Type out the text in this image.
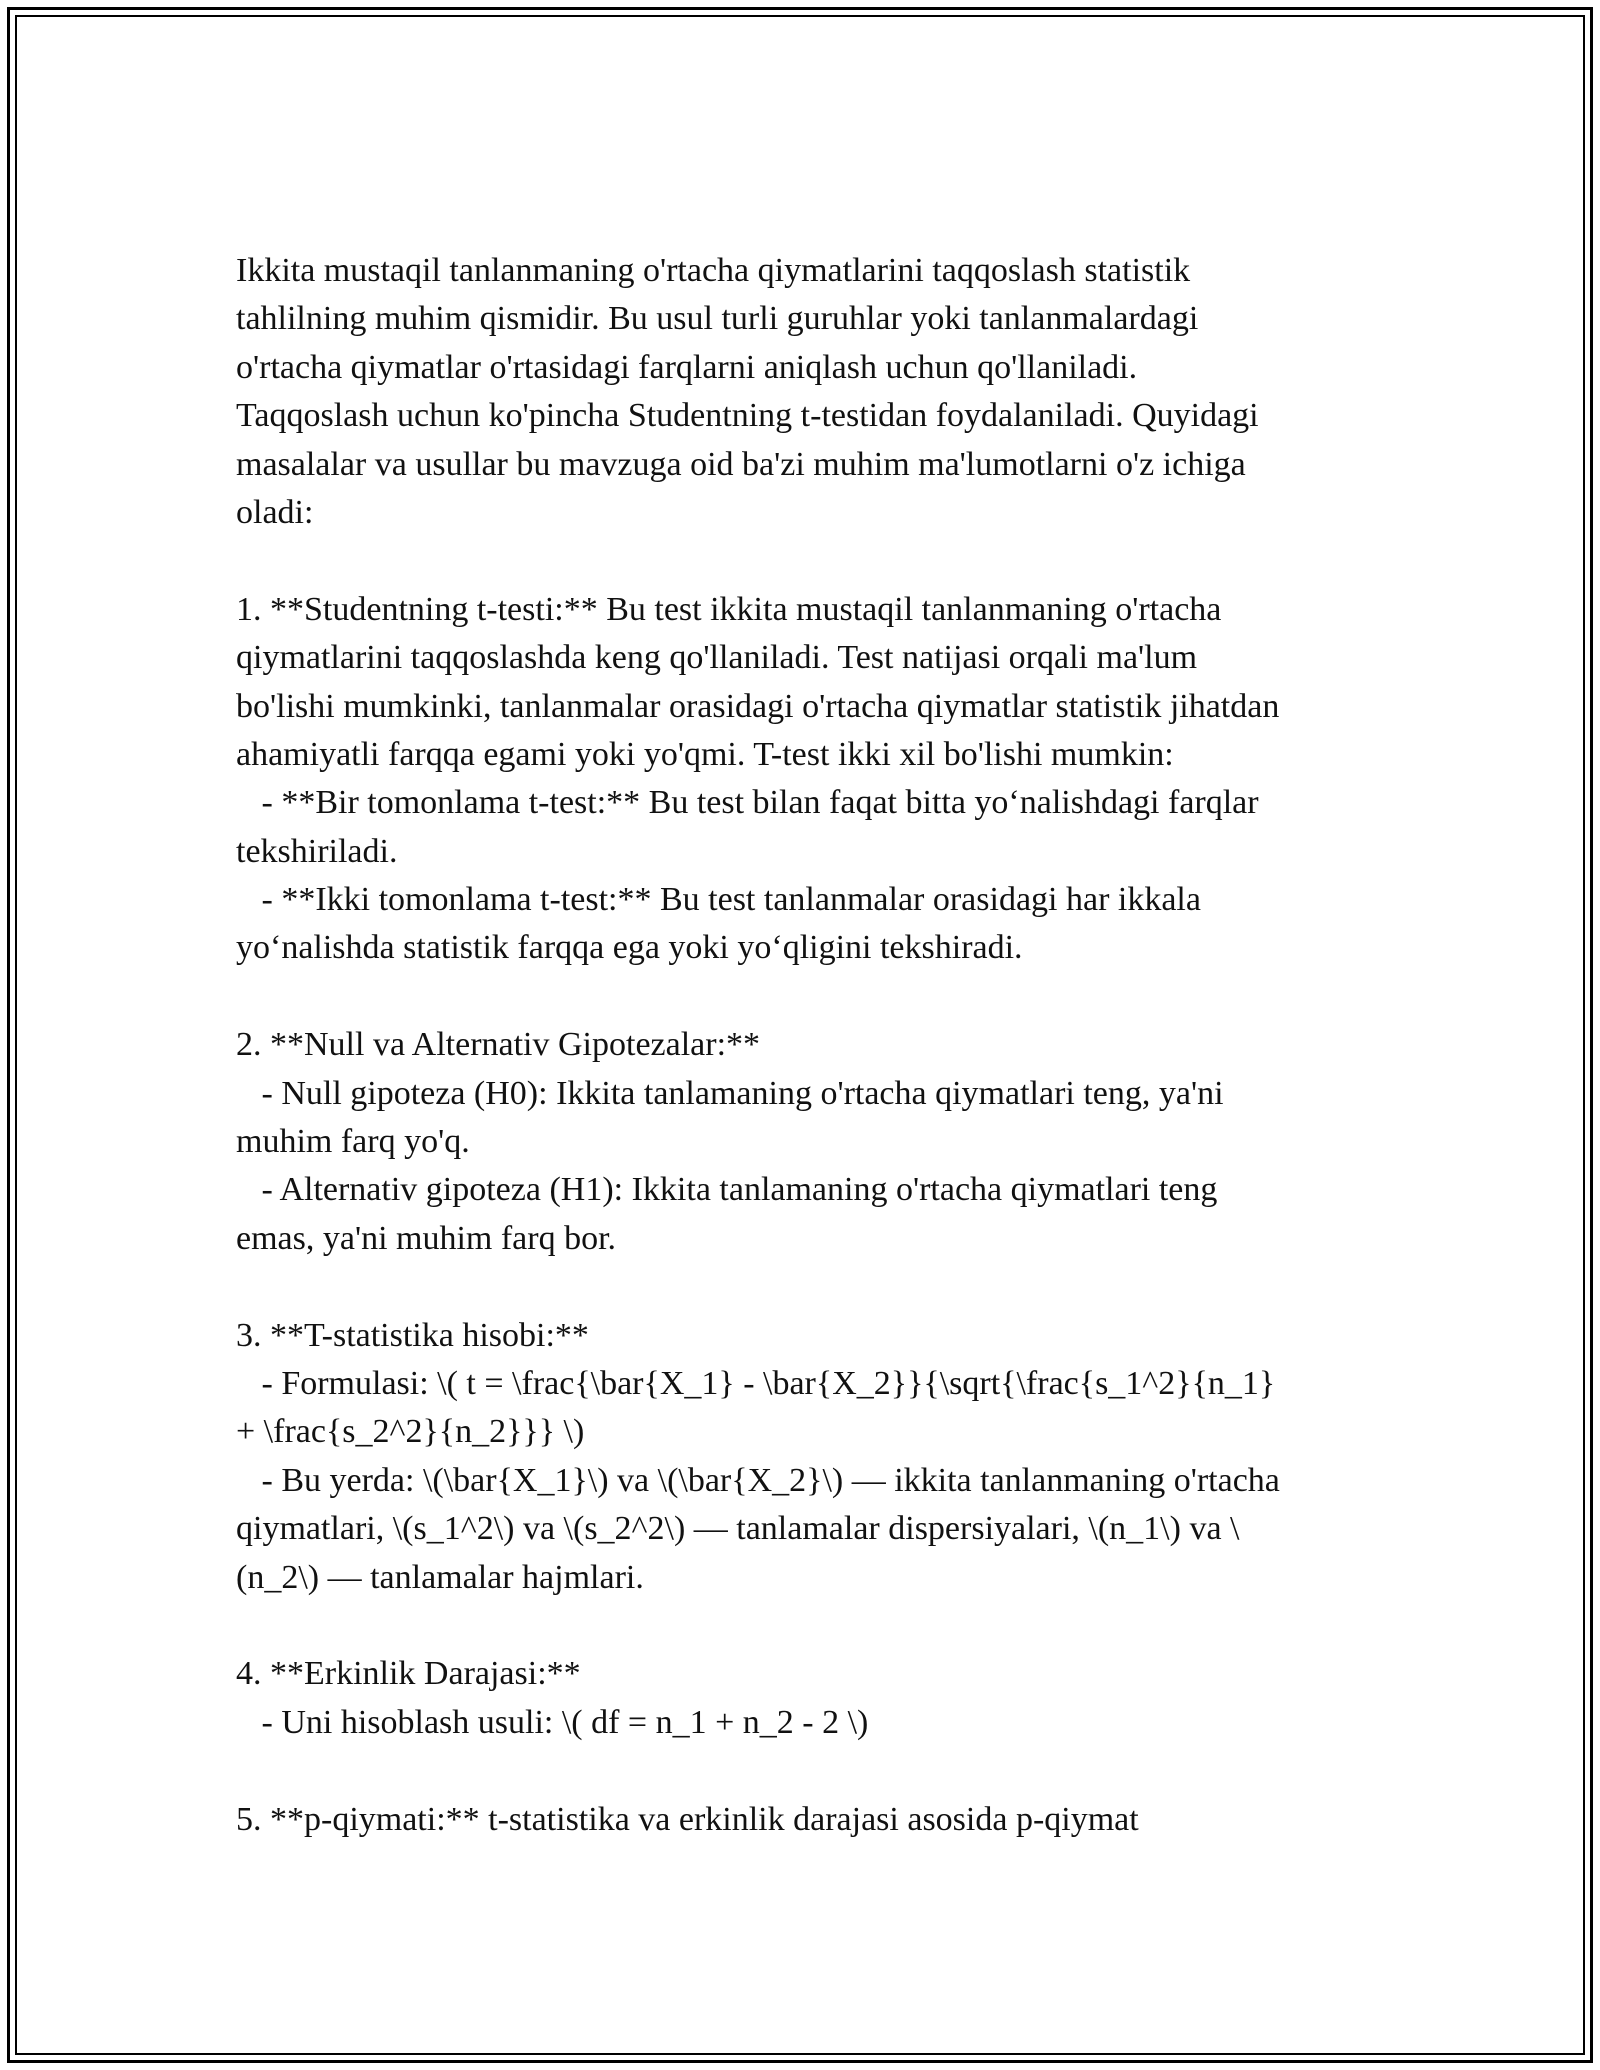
Ikkita mustaqil tanlanmaning o'rtacha qiymatlarini taqqoslash statistik
tahlilning muhim qismidir. Bu usul turli guruhlar yoki tanlanmalardagi
o'rtacha qiymatlar o'rtasidagi farqlarni aniqlash uchun qo'llaniladi.
Taqqoslash uchun ko'pincha Studentning t-testidan foydalaniladi. Quyidagi
masalalar va usullar bu mavzuga oid ba'zi muhim ma'lumotlarni o'z ichiga
oladi:
1. **Studentning t-testi:** Bu test ikkita mustaqil tanlanmaning o'rtacha
qiymatlarini taqqoslashda keng qo'llaniladi. Test natijasi orqali ma'lum
bo'lishi mumkinki, tanlanmalar orasidagi o'rtacha qiymatlar statistik jihatdan
ahamiyatli farqqa egami yoki yo'qmi. T-test ikki xil bo'lishi mumkin:
- **Bir tomonlama t-test:** Bu test bilan faqat bitta yo‘nalishdagi farqlar
tekshiriladi.
- **Ikki tomonlama t-test:** Bu test tanlanmalar orasidagi har ikkala
yo‘nalishda statistik farqqa ega yoki yo‘qligini tekshiradi.
2. **Null va Alternativ Gipotezalar:**
- Null gipoteza (H0): Ikkita tanlamaning o'rtacha qiymatlari teng, ya'ni
muhim farq yo'q.
- Alternativ gipoteza (H1): Ikkita tanlamaning o'rtacha qiymatlari teng
emas, ya'ni muhim farq bor.
3. **T-statistika hisobi:**
- Formulasi: \( t = \frac{\bar{X_1} - \bar{X_2}}{\sqrt{\frac{s_1^2}{n_1}
+ \frac{s_2^2}{n_2}}} \)
- Bu yerda: \(\bar{X_1}\) va \(\bar{X_2}\) — ikkita tanlanmaning o'rtacha
qiymatlari, \(s_1^2\) va \(s_2^2\) — tanlamalar dispersiyalari, \(n_1\) va \
(n_2\) — tanlamalar hajmlari.
4. **Erkinlik Darajasi:**
- Uni hisoblash usuli: \( df = n_1 + n_2 - 2 \)
5. **p-qiymati:** t-statistika va erkinlik darajasi asosida p-qiymat
